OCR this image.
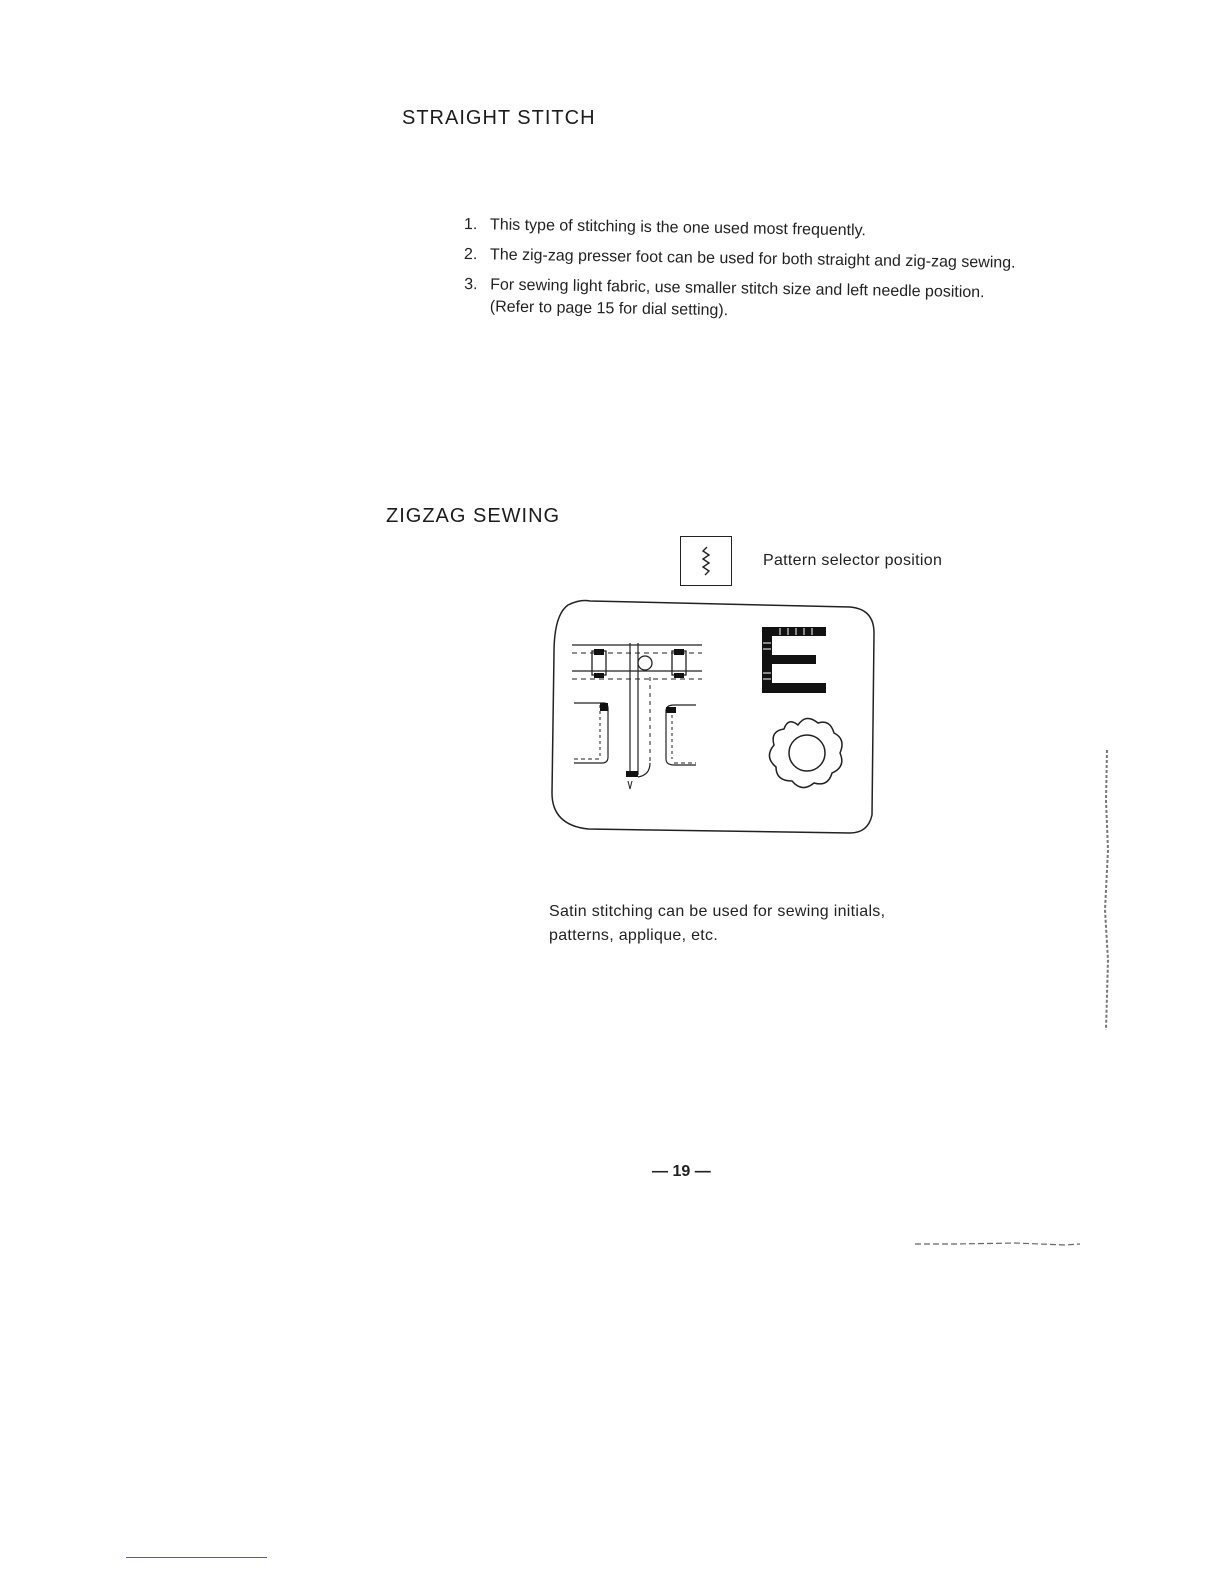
STRAIGHT STITCH
1. This type of stitching is the one used most frequently.
2. The zig-zag presser foot can be used for both straight and zig-zag sewing.
3. For sewing light fabric, use smaller stitch size and left needle position.
(Refer to page 15 for dial setting).
ZIGZAG SEWING
Pattern selector position
Satin stitching can be used for sewing initials,
patterns, applique, etc.
— 19 —
